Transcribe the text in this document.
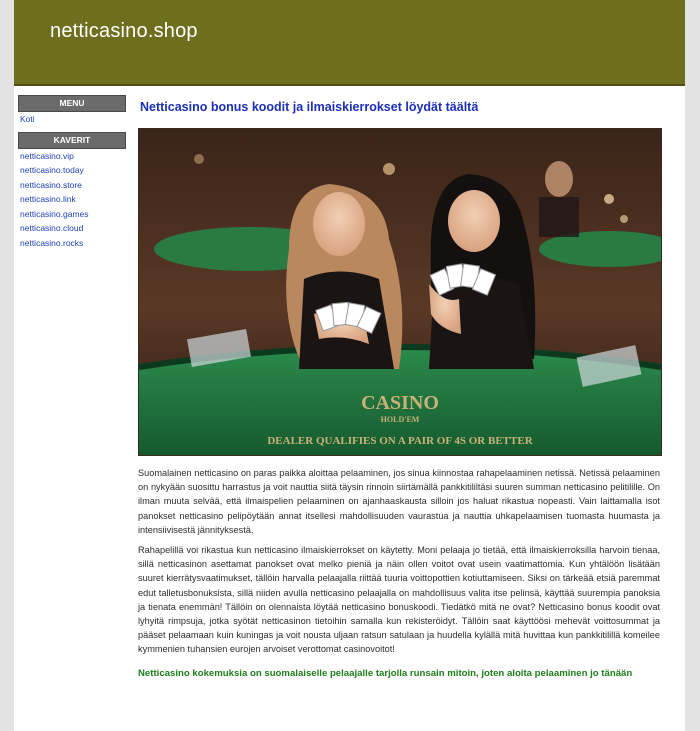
netticasino.shop
MENU
Koti
KAVERIT
netticasino.vip
netticasino.today
netticasino.store
netticasino.link
netticasino.games
netticasino.cloud
netticasino.rocks
Netticasino bonus koodit ja ilmaiskierrokset löydät täältä
CASINO
HOLD'EM
DEALER QUALIFIES ON A PAIR OF 4S OR BETTER

Suomalainen netticasino on paras paikka aloittaa pelaaminen, jos sinua kiinnostaa rahapelaaminen netissä. Netissä pelaaminen on nykyään suosittu harrastus ja voit nauttia siitä täysin rinnoin siirtämällä pankkitililtäsi suuren summan netticasino pelitilille. On ilman muuta selvää, että ilmaispelien pelaaminen on ajanhaaskausta silloin jos haluat rikastua nopeasti. Vain laittamalla isot panokset netticasino pelipöytään annat itsellesi mahdollisuuden vaurastua ja nauttia uhkapelaamisen tuomasta huumasta ja intensiivisestä jännityksestä.

Rahapelillä voi rikastua kun netticasino ilmaiskierrokset on käytetty. Moni pelaaja jo tietää, että ilmaiskierroksilla harvoin tienaa, sillä netticasinon asettamat panokset ovat melko pieniä ja näin ollen voitot ovat usein vaatimattomia. Kun yhtälöön lisätään suuret kierrätysvaatimukset, tällöin harvalla pelaajalla riittää tuuria voittopottien kotiuttamiseen. Siksi on tärkeää etsiä paremmat edut talletusbonuksista, sillä niiden avulla netticasino pelaajalla on mahdollisuus valita itse pelinsä, käyttää suurempia panoksia ja tienata enemmän! Tällöin on olennaista löytää netticasino bonuskoodi. Tiedätkö mitä ne ovat? Netticasino bonus koodit ovat lyhyitä rimpsuja, jotka syötät netticasinon tietoihin samalla kun rekisteröidyt. Tällöin saat käyttöösi mehevät voittosummat ja pääset pelaamaan kuin kuningas ja voit nousta uljaan ratsun satulaan ja huudella kylällä mitä huvittaa kun pankkitilillä komeilee kymmenien tuhansien eurojen arvoiset verottomat casinovoitot!

Netticasino kokemuksia on suomalaiselle pelaajalle tarjolla runsain mitoin, joten aloita pelaaminen jo tänään
